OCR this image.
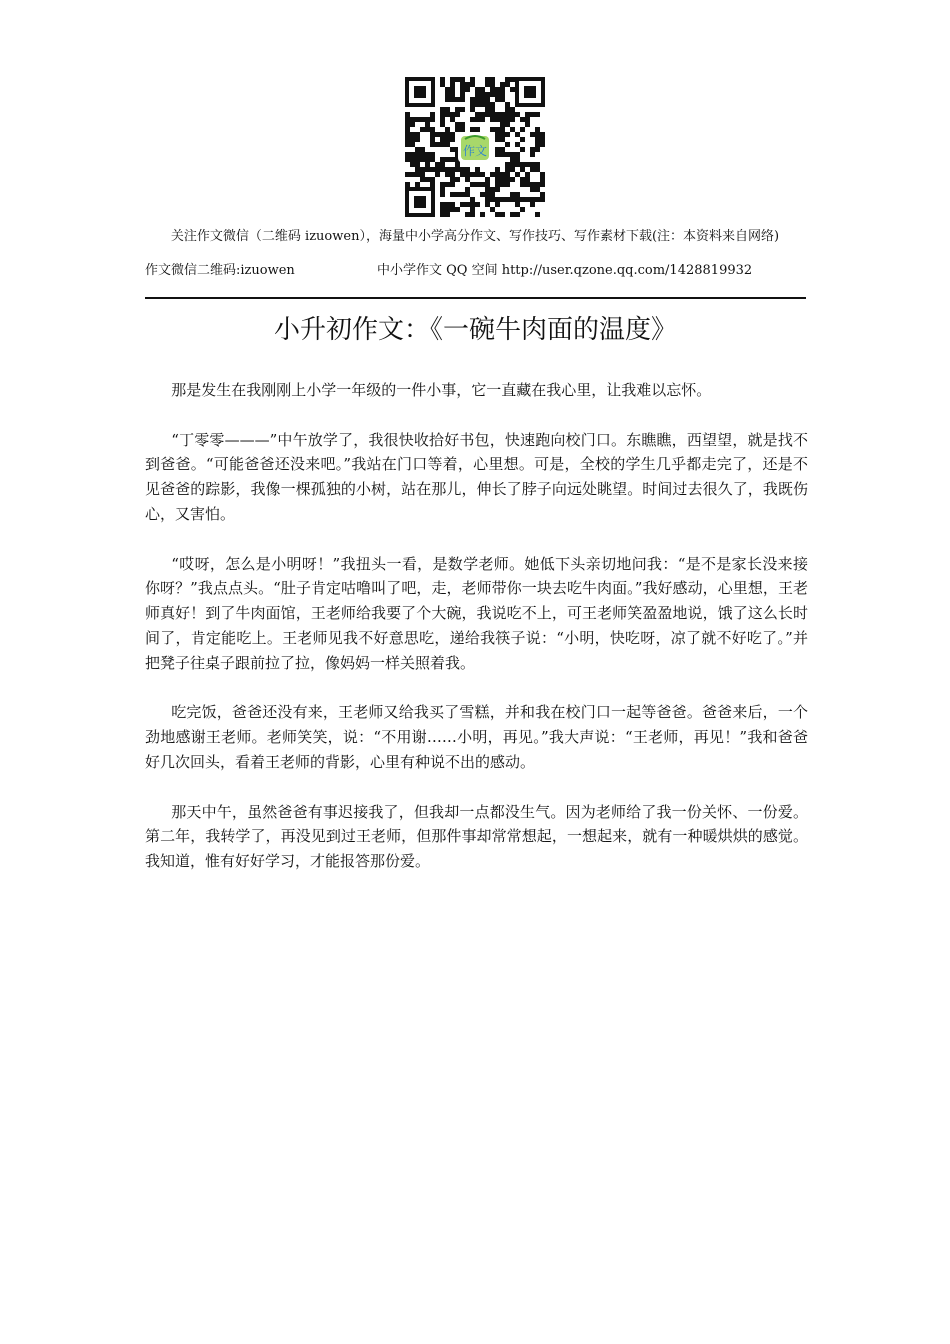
作文
关注作文微信（二维码 izuowen），海量中小学高分作文、写作技巧、写作素材下载(注：本资料来自网络)
作文微信二维码:izuowen	中小学作文 QQ 空间 http://user.qzone.qq.com/1428819932
小升初作文：《一碗牛肉面的温度》

那是发生在我刚刚上小学一年级的一件小事，它一直藏在我心里，让我难以忘怀。

“丁零零———”中午放学了，我很快收拾好书包，快速跑向校门口。东瞧瞧，西望望，就是找不到爸爸。“可能爸爸还没来吧。”我站在门口等着，心里想。可是，全校的学生几乎都走完了，还是不见爸爸的踪影，我像一棵孤独的小树，站在那儿，伸长了脖子向远处眺望。时间过去很久了，我既伤心，又害怕。

“哎呀，怎么是小明呀！”我扭头一看，是数学老师。她低下头亲切地问我：“是不是家长没来接你呀？”我点点头。“肚子肯定咕噜叫了吧，走，老师带你一块去吃牛肉面。”我好感动，心里想，王老师真好！到了牛肉面馆，王老师给我要了个大碗，我说吃不上，可王老师笑盈盈地说，饿了这么长时间了，肯定能吃上。王老师见我不好意思吃，递给我筷子说：“小明，快吃呀，凉了就不好吃了。”并把凳子往桌子跟前拉了拉，像妈妈一样关照着我。

吃完饭，爸爸还没有来，王老师又给我买了雪糕，并和我在校门口一起等爸爸。爸爸来后，一个劲地感谢王老师。老师笑笑，说：“不用谢……小明，再见。”我大声说：“王老师，再见！”我和爸爸好几次回头，看着王老师的背影，心里有种说不出的感动。

那天中午，虽然爸爸有事迟接我了，但我却一点都没生气。因为老师给了我一份关怀、一份爱。第二年，我转学了，再没见到过王老师，但那件事却常常想起，一想起来，就有一种暖烘烘的感觉。我知道，惟有好好学习，才能报答那份爱。
